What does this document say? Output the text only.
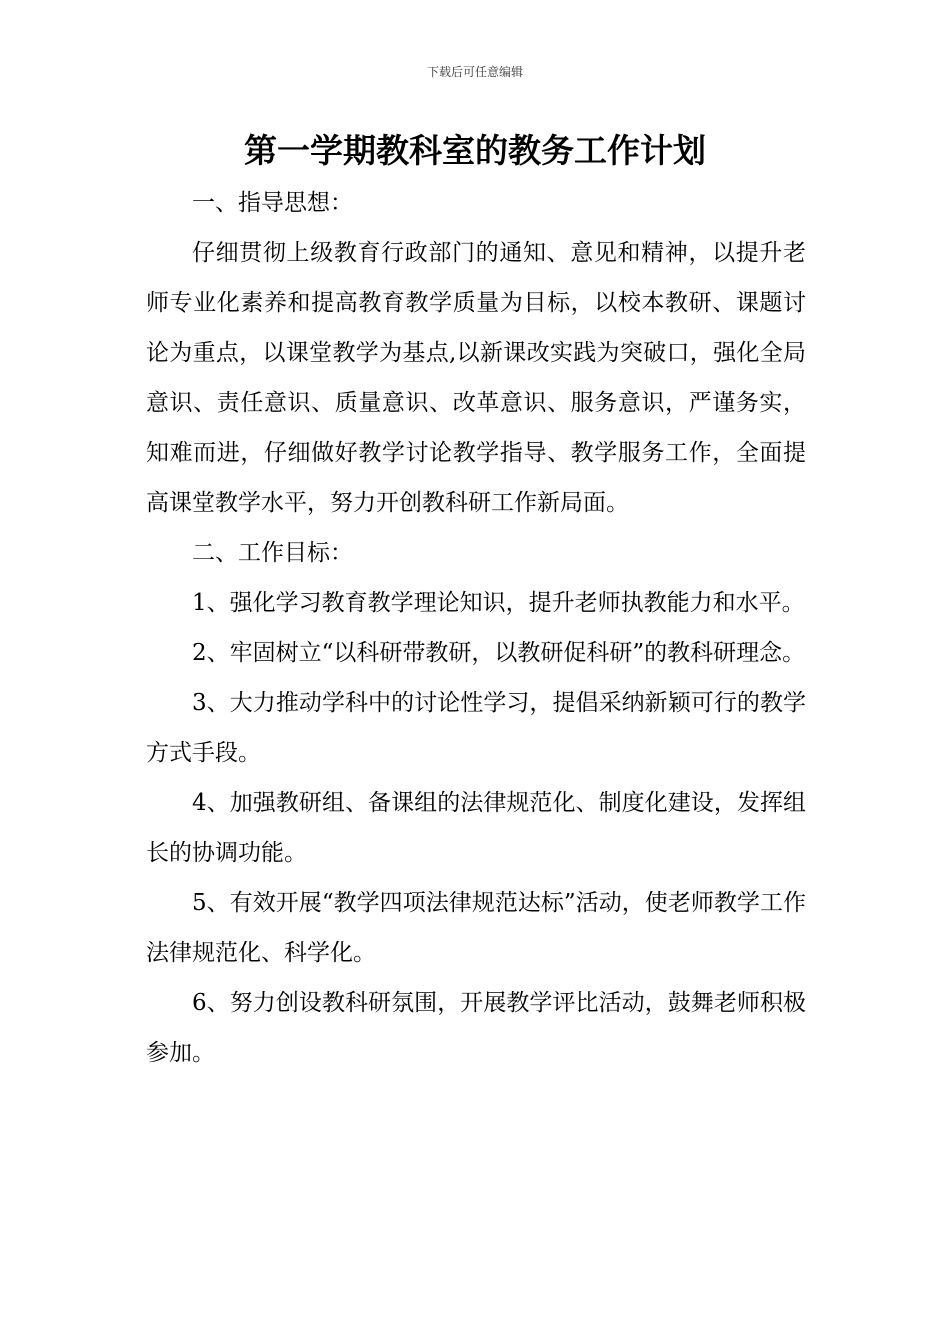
下载后可任意编辑
第一学期教科室的教务工作计划

一、指导思想：

仔细贯彻上级教育行政部门的通知、意见和精神，以提升老师专业化素养和提高教育教学质量为目标，以校本教研、课题讨论为重点，以课堂教学为基点,以新课改实践为突破口，强化全局意识、责任意识、质量意识、改革意识、服务意识，严谨务实，知难而进，仔细做好教学讨论教学指导、教学服务工作，全面提高课堂教学水平，努力开创教科研工作新局面。

二、工作目标：

1、强化学习教育教学理论知识，提升老师执教能力和水平。

2、牢固树立“以科研带教研，以教研促科研”的教科研理念。

3、大力推动学科中的讨论性学习，提倡采纳新颖可行的教学方式手段。

4、加强教研组、备课组的法律规范化、制度化建设，发挥组长的协调功能。

5、有效开展“教学四项法律规范达标”活动，使老师教学工作法律规范化、科学化。

6、努力创设教科研氛围，开展教学评比活动，鼓舞老师积极参加。
